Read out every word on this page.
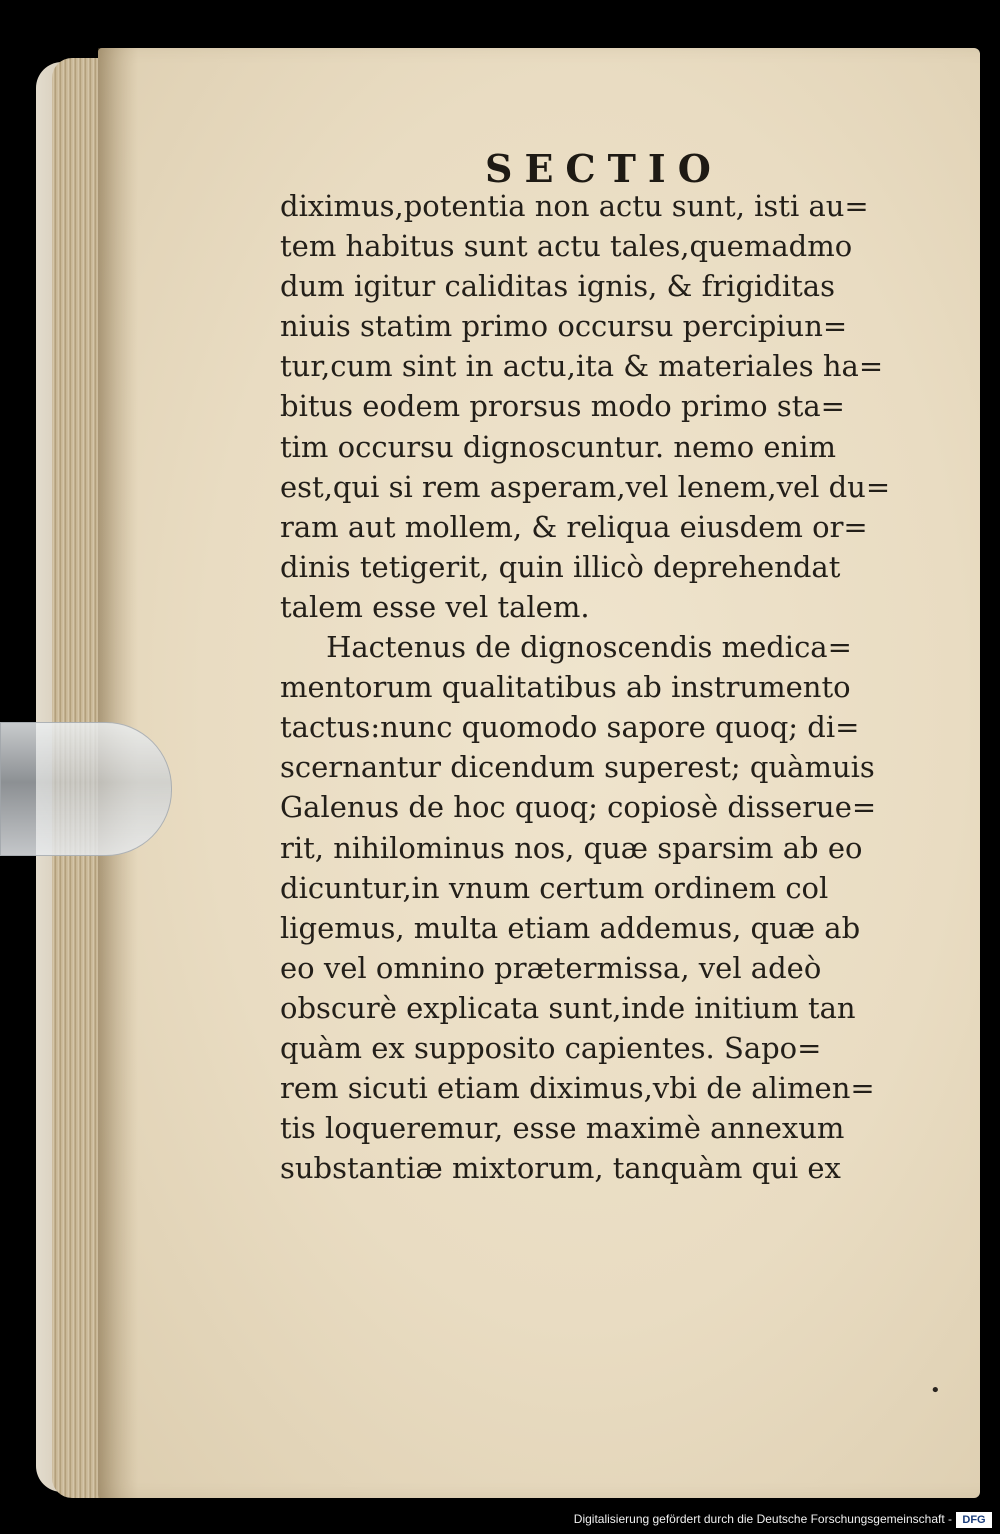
SECTIO
diximus,potentia non actu sunt, isti au=
tem habitus sunt actu tales,quemadmo
dum igitur caliditas ignis, & frigiditas
niuis statim primo occursu percipiun=
tur,cum sint in actu,ita & materiales ha=
bitus eodem prorsus modo primo sta=
tim occursu dignoscuntur. nemo enim
est,qui si rem asperam,vel lenem,vel du=
ram aut mollem, & reliqua eiusdem or=
dinis tetigerit, quin illicò deprehendat
talem esse vel talem.
Hactenus de dignoscendis medica=
mentorum qualitatibus ab instrumento
tactus:nunc quomodo sapore quoq; di=
scernantur dicendum superest; quàmuis
Galenus de hoc quoq; copiosè disserue=
rit, nihilominus nos, quæ sparsim ab eo
dicuntur,in vnum certum ordinem col
ligemus, multa etiam addemus, quæ ab
eo vel omnino prætermissa, vel adeò
obscurè explicata sunt,inde initium tan
quàm ex supposito capientes. Sapo=
rem sicuti etiam diximus,vbi de alimen=
tis loqueremur, esse maximè annexum
substantiæ mixtorum, tanquàm qui ex
•
Digitalisierung gefördert durch die Deutsche Forschungsgemeinschaft - DFG
